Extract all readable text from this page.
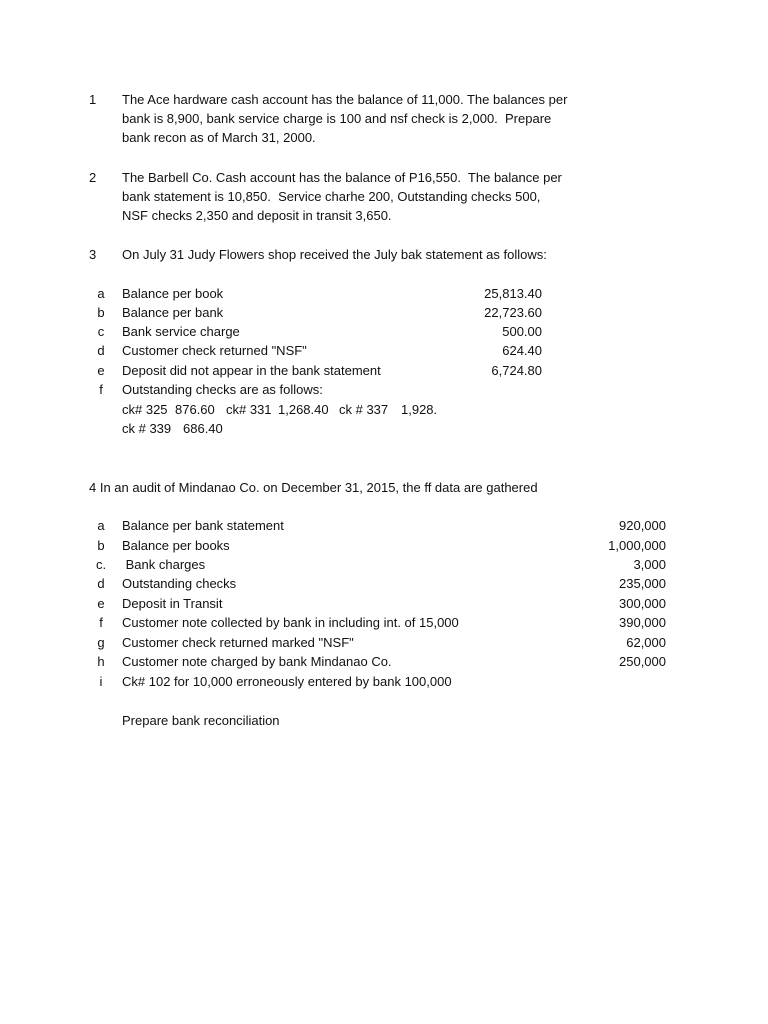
1 The Ace hardware cash account has the balance of 11,000. The balances per
bank is 8,900, bank service charge is 100 and nsf check is 2,000.  Prepare
bank recon as of March 31, 2000.
2 The Barbell Co. Cash account has the balance of P16,550.  The balance per
bank statement is 10,850.  Service charhe 200, Outstanding checks 500,
NSF checks 2,350 and deposit in transit 3,650.
3 On July 31 Judy Flowers shop received the July bak statement as follows:
a	Balance per book	25,813.40
b	Balance per bank	22,723.60
c	Bank service charge	500.00
d	Customer check returned "NSF"	624.40
e	Deposit did not appear in the bank statement	6,724.80
f	Outstanding checks are as follows:
ck# 325 876.60 ck# 331 1,268.40 ck # 337 1,928.
ck # 339 686.40
4 In an audit of Mindanao Co. on December 31, 2015, the ff data are gathered
a	Balance per bank statement	920,000
b	Balance per books	1,000,000
c.	Bank charges	3,000
d	Outstanding checks	235,000
e	Deposit in Transit	300,000
f	Customer note collected by bank in including int. of 15,000	390,000
g	Customer check returned marked "NSF"	62,000
h	Customer note charged by bank Mindanao Co.	250,000
i	Ck# 102 for 10,000 erroneously entered by bank 100,000
Prepare bank reconciliation
